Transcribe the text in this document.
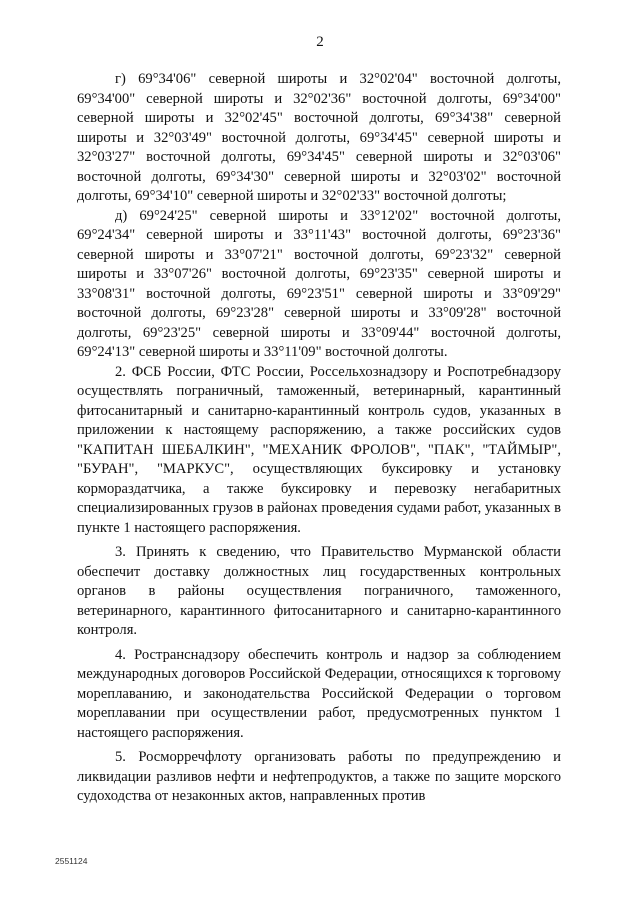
2

г) 69°34'06" северной широты и 32°02'04" восточной долготы, 69°34'00" северной широты и 32°02'36" восточной долготы, 69°34'00" северной широты и 32°02'45" восточной долготы, 69°34'38" северной широты и 32°03'49" восточной долготы, 69°34'45" северной широты и 32°03'27" восточной долготы, 69°34'45" северной широты и 32°03'06" восточной долготы, 69°34'30" северной широты и 32°03'02" восточной долготы, 69°34'10" северной широты и 32°02'33" восточной долготы;

д) 69°24'25" северной широты и 33°12'02" восточной долготы, 69°24'34" северной широты и 33°11'43" восточной долготы, 69°23'36" северной широты и 33°07'21" восточной долготы, 69°23'32" северной широты и 33°07'26" восточной долготы, 69°23'35" северной широты и 33°08'31" восточной долготы, 69°23'51" северной широты и 33°09'29" восточной долготы, 69°23'28" северной широты и 33°09'28" восточной долготы, 69°23'25" северной широты и 33°09'44" восточной долготы, 69°24'13" северной широты и 33°11'09" восточной долготы.

2. ФСБ России, ФТС России, Россельхознадзору и Роспотребнадзору осуществлять пограничный, таможенный, ветеринарный, карантинный фитосанитарный и санитарно-карантинный контроль судов, указанных в приложении к настоящему распоряжению, а также российских судов "КАПИТАН ШЕБАЛКИН", "МЕХАНИК ФРОЛОВ", "ПАК", "ТАЙМЫР", "БУРАН", "МАРКУС", осуществляющих буксировку и установку кормораздатчика, а также буксировку и перевозку негабаритных специализированных грузов в районах проведения судами работ, указанных в пункте 1 настоящего распоряжения.

3. Принять к сведению, что Правительство Мурманской области обеспечит доставку должностных лиц государственных контрольных органов в районы осуществления пограничного, таможенного, ветеринарного, карантинного фитосанитарного и санитарно-карантинного контроля.

4. Ространснадзору обеспечить контроль и надзор за соблюдением международных договоров Российской Федерации, относящихся к торговому мореплаванию, и законодательства Российской Федерации о торговом мореплавании при осуществлении работ, предусмотренных пунктом 1 настоящего распоряжения.

5. Росморречфлоту организовать работы по предупреждению и ликвидации разливов нефти и нефтепродуктов, а также по защите морского судоходства от незаконных актов, направленных против

2551124
